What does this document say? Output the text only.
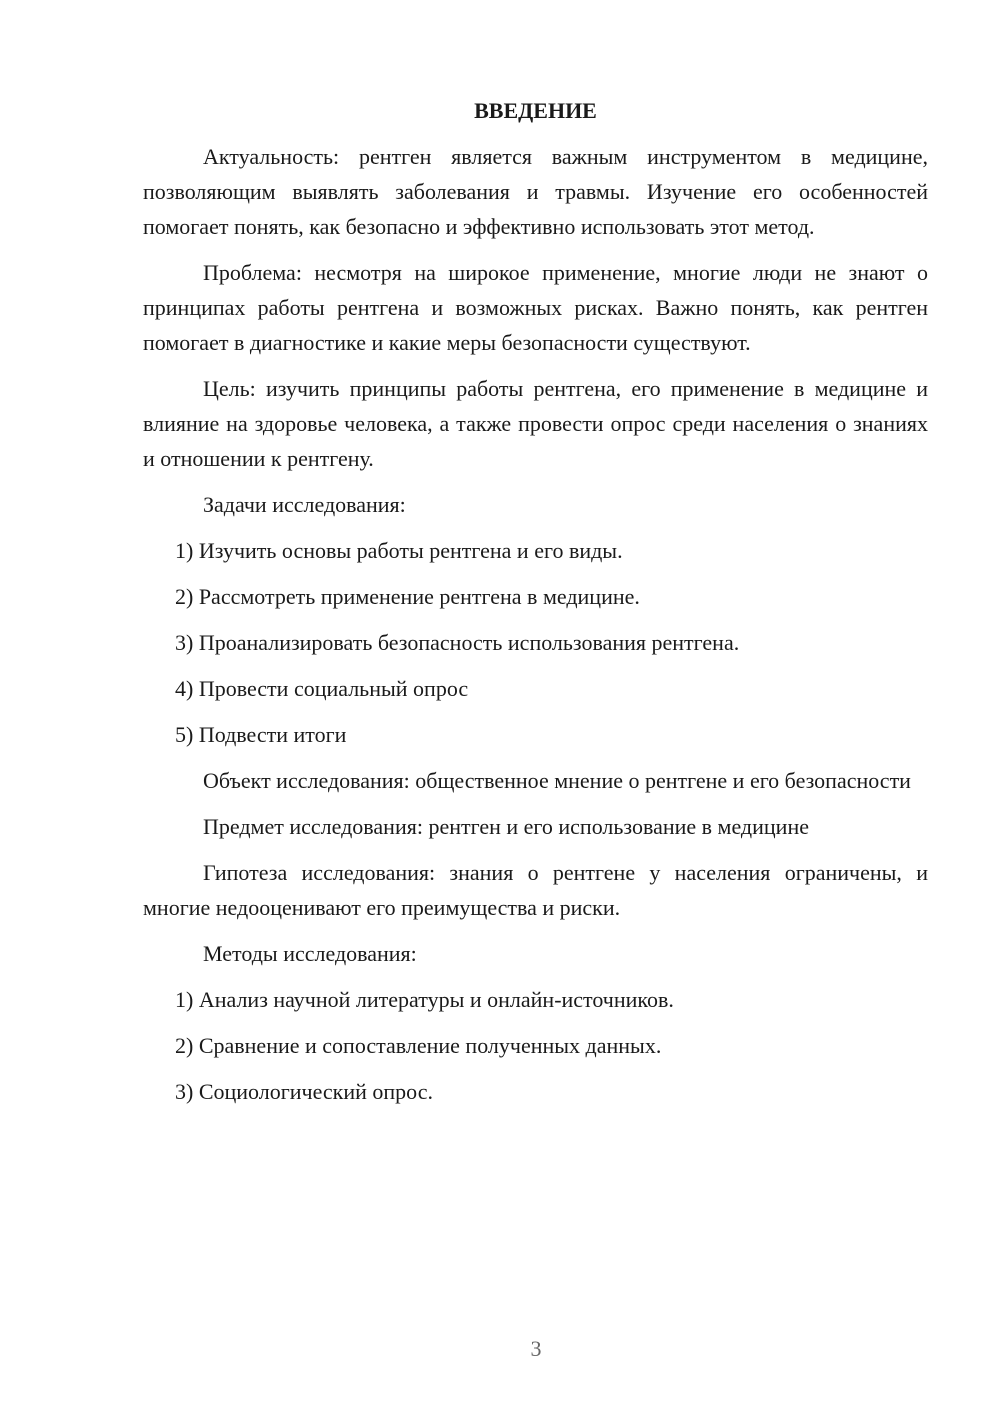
ВВЕДЕНИЕ

Актуальность: рентген является важным инструментом в медицине, позволяющим выявлять заболевания и травмы. Изучение его особенностей помогает понять, как безопасно и эффективно использовать этот метод.

Проблема: несмотря на широкое применение, многие люди не знают о принципах работы рентгена и возможных рисках. Важно понять, как рентген помогает в диагностике и какие меры безопасности существуют.

Цель: изучить принципы работы рентгена, его применение в медицине и влияние на здоровье человека, а также провести опрос среди населения о знаниях и отношении к рентгену.

Задачи исследования:

1) Изучить основы работы рентгена и его виды.

2) Рассмотреть применение рентгена в медицине.

3) Проанализировать безопасность использования рентгена.

4) Провести социальный опрос

5) Подвести итоги

Объект исследования: общественное мнение о рентгене и его безопасности

Предмет исследования: рентген и его использование в медицине

Гипотеза исследования: знания о рентгене у населения ограничены, и многие недооценивают его преимущества и риски.

Методы исследования:

1) Анализ научной литературы и онлайн-источников.

2) Сравнение и сопоставление полученных данных.

3) Социологический опрос.

3
